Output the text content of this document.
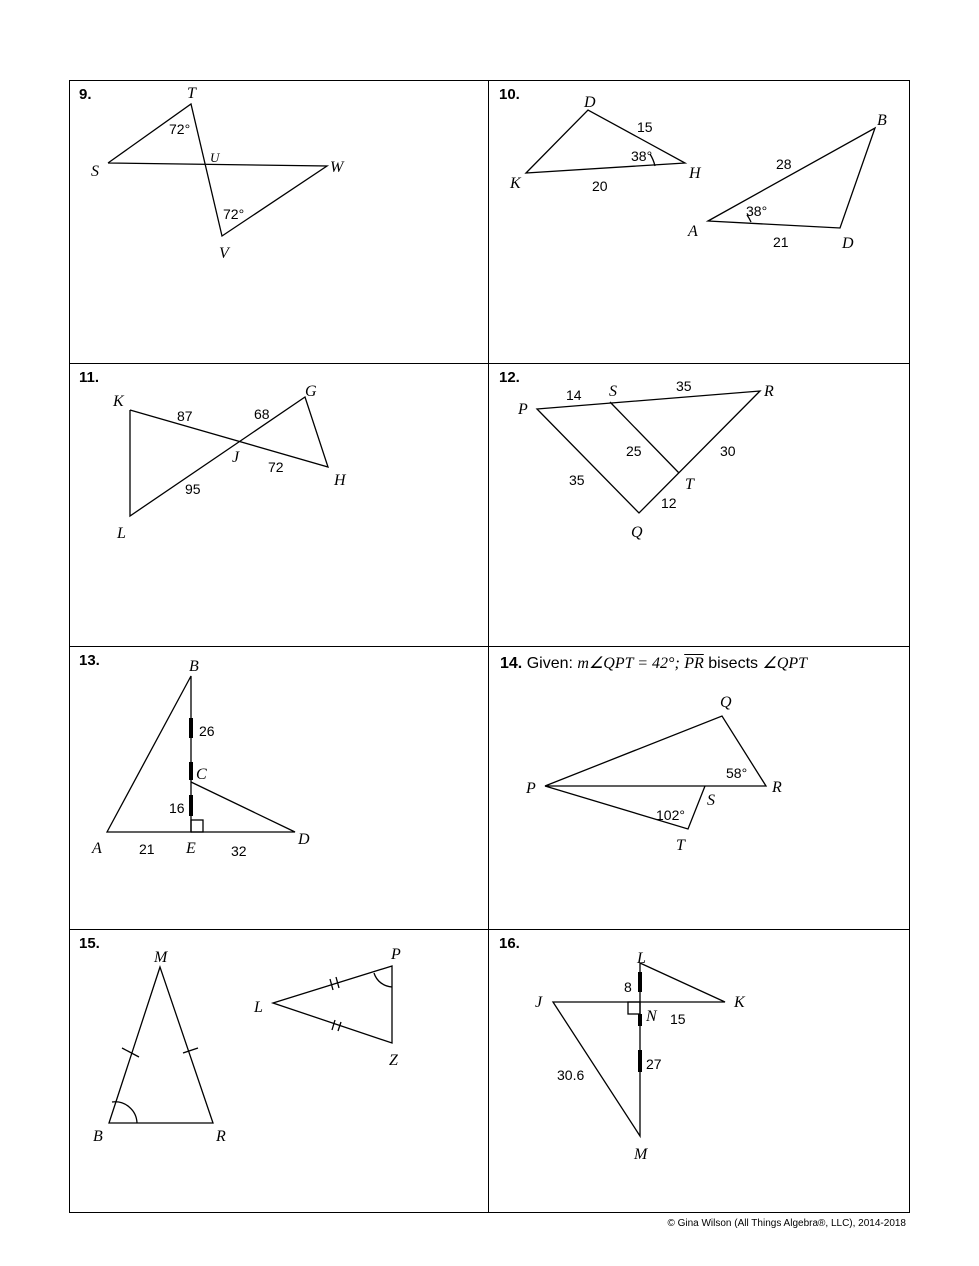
9.	10.
11.	12.
13.
15.	16.
14. Given: m∠QPT = 42°; $\overline{PR}$ bisects ∠QPT
T
S
U
W
V
72°
72°
D
K
H
B
A
D
15
38°
20
28
38°
21
K
G
J
H
L
87	68
72
95
P
S	R
T
Q
14
35
25	30
35
12
B
C
A	E
D
26
16
21	32
Q
P	R
S
T
58°
102°
M
B	R
P
L
Z
L
J	K
N
M
8
15
27
30.6
© Gina Wilson (All Things Algebra®, LLC), 2014-2018
